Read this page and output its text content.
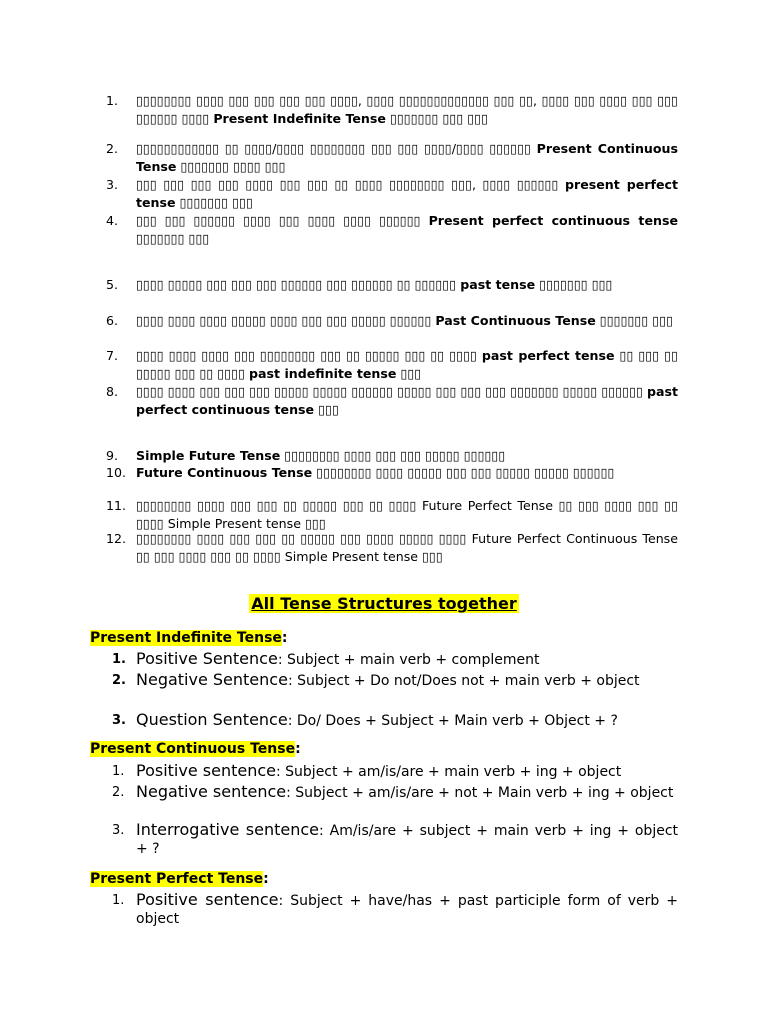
1.	▯▯▯▯▯▯▯▯ ▯▯▯▯ ▯▯▯ ▯▯▯ ▯▯▯ ▯▯▯ ▯▯▯▯, ▯▯▯▯ ▯▯▯▯▯▯▯▯▯▯▯▯▯ ▯▯▯ ▯▯, ▯▯▯▯ ▯▯▯ ▯▯▯▯ ▯▯▯ ▯▯▯ ▯▯▯▯▯▯ ▯▯▯▯ Present Indefinite Tense ▯▯▯▯▯▯▯ ▯▯▯ ▯▯▯
2.	▯▯▯▯▯▯▯▯▯▯▯▯ ▯▯ ▯▯▯▯/▯▯▯▯ ▯▯▯▯▯▯▯▯ ▯▯▯ ▯▯▯ ▯▯▯▯/▯▯▯▯ ▯▯▯▯▯▯ Present Continuous Tense ▯▯▯▯▯▯▯ ▯▯▯▯ ▯▯▯
3.	▯▯▯ ▯▯▯ ▯▯▯ ▯▯▯ ▯▯▯▯ ▯▯▯ ▯▯▯ ▯▯ ▯▯▯▯ ▯▯▯▯▯▯▯▯ ▯▯▯, ▯▯▯▯ ▯▯▯▯▯▯ present perfect tense ▯▯▯▯▯▯▯ ▯▯▯
4.	▯▯▯ ▯▯▯ ▯▯▯▯▯▯ ▯▯▯▯ ▯▯▯ ▯▯▯▯ ▯▯▯▯ ▯▯▯▯▯▯ Present perfect continuous tense ▯▯▯▯▯▯▯ ▯▯▯
5.	▯▯▯▯ ▯▯▯▯▯ ▯▯▯ ▯▯▯ ▯▯▯ ▯▯▯▯▯▯ ▯▯▯ ▯▯▯▯▯▯ ▯▯ ▯▯▯▯▯▯ past tense ▯▯▯▯▯▯▯ ▯▯▯
6.	▯▯▯▯ ▯▯▯▯ ▯▯▯▯ ▯▯▯▯▯ ▯▯▯▯ ▯▯▯ ▯▯▯ ▯▯▯▯▯ ▯▯▯▯▯▯ Past Continuous Tense ▯▯▯▯▯▯▯ ▯▯▯
7.	▯▯▯▯ ▯▯▯▯ ▯▯▯▯ ▯▯▯ ▯▯▯▯▯▯▯▯ ▯▯▯ ▯▯ ▯▯▯▯▯ ▯▯▯ ▯▯ ▯▯▯▯ past perfect tense ▯▯ ▯▯▯ ▯▯ ▯▯▯▯▯ ▯▯▯ ▯▯ ▯▯▯▯ past indefinite tense ▯▯▯
8.	▯▯▯▯ ▯▯▯▯ ▯▯▯ ▯▯▯ ▯▯▯ ▯▯▯▯▯ ▯▯▯▯▯ ▯▯▯▯▯▯ ▯▯▯▯▯ ▯▯▯ ▯▯▯ ▯▯▯ ▯▯▯▯▯▯▯ ▯▯▯▯▯ ▯▯▯▯▯▯ past perfect continuous tense ▯▯▯
9.	Simple Future Tense ▯▯▯▯▯▯▯▯ ▯▯▯▯ ▯▯▯ ▯▯▯ ▯▯▯▯▯ ▯▯▯▯▯▯
10. Future Continuous Tense ▯▯▯▯▯▯▯▯ ▯▯▯▯ ▯▯▯▯▯ ▯▯▯ ▯▯▯ ▯▯▯▯▯ ▯▯▯▯▯ ▯▯▯▯▯▯
11. ▯▯▯▯▯▯▯▯ ▯▯▯▯ ▯▯▯ ▯▯▯ ▯▯ ▯▯▯▯▯ ▯▯▯ ▯▯ ▯▯▯▯ Future Perfect Tense ▯▯ ▯▯▯ ▯▯▯▯ ▯▯▯ ▯▯ ▯▯▯▯ Simple Present tense ▯▯▯
12. ▯▯▯▯▯▯▯▯ ▯▯▯▯ ▯▯▯ ▯▯▯ ▯▯ ▯▯▯▯▯ ▯▯▯ ▯▯▯▯ ▯▯▯▯▯ ▯▯▯▯ Future Perfect Continuous Tense ▯▯ ▯▯▯ ▯▯▯▯ ▯▯▯ ▯▯ ▯▯▯▯ Simple Present tense ▯▯▯
All Tense Structures together
Present Indefinite Tense:
1. Positive Sentence: Subject + main verb + complement
2. Negative Sentence: Subject + Do not/Does not + main verb + object
3. Question Sentence: Do/ Does + Subject + Main verb + Object + ?
Present Continuous Tense:
1. Positive sentence: Subject + am/is/are + main verb + ing + object
2. Negative sentence: Subject + am/is/are + not + Main verb + ing + object
3. Interrogative sentence: Am/is/are + subject + main verb + ing + object + ?
Present Perfect Tense:
1. Positive sentence: Subject + have/has + past participle form of verb + object
